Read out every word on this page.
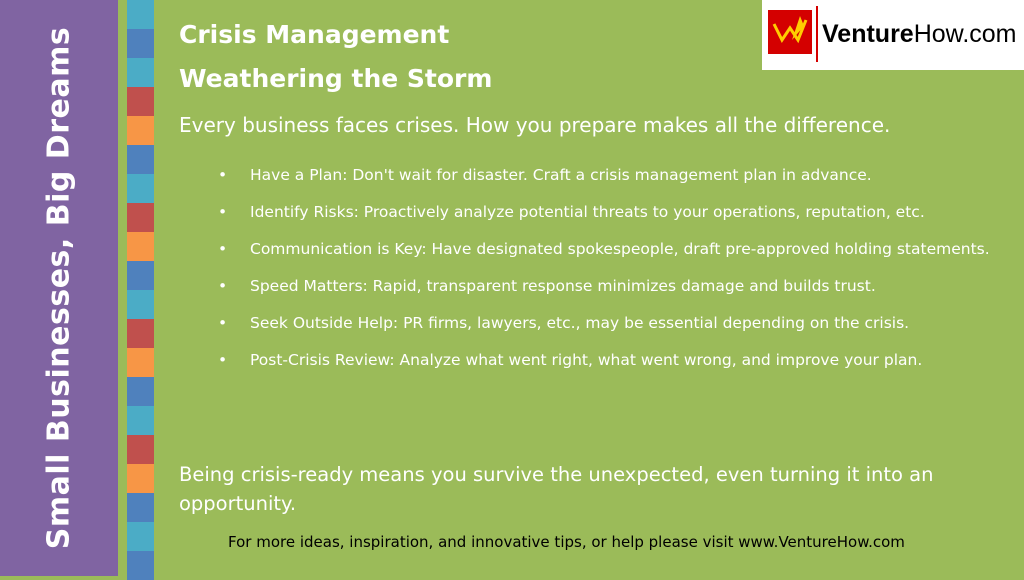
Small Businesses, Big Dreams	VentureHow.com
Crisis Management
Weathering the Storm
Every business faces crises. How you prepare makes all the difference.
• Have a Plan: Don't wait for disaster. Craft a crisis management plan in advance.
• Identify Risks: Proactively analyze potential threats to your operations, reputation, etc.
• Communication is Key: Have designated spokespeople, draft pre-approved holding statements.
• Speed Matters: Rapid, transparent response minimizes damage and builds trust.
• Seek Outside Help: PR firms, lawyers, etc., may be essential depending on the crisis.
• Post-Crisis Review: Analyze what went right, what went wrong, and improve your plan.
Being crisis-ready means you survive the unexpected, even turning it into an opportunity.
For more ideas, inspiration, and innovative tips, or help please visit www.VentureHow.com
